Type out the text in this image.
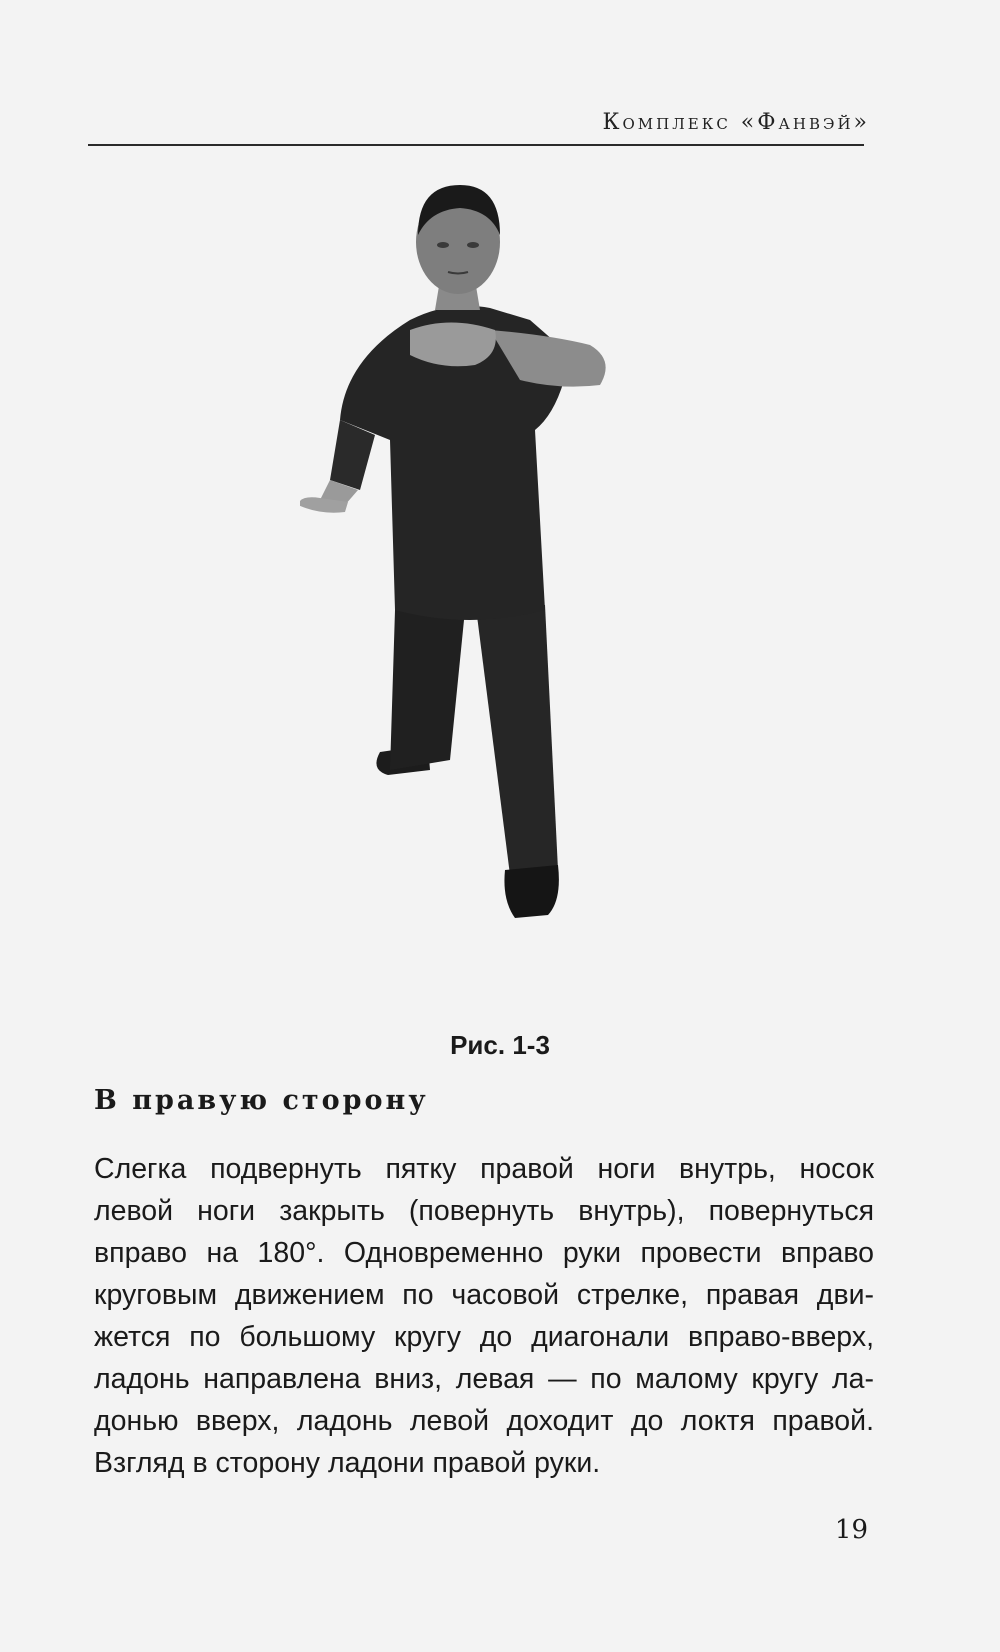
Комплекс «Фанвэй»
Рис. 1-3
В правую сторону
Слегка подвернуть пятку правой ноги внутрь, носок
левой ноги закрыть (повернуть внутрь), повернуться
вправо на 180°. Одновременно руки провести вправо
круговым движением по часовой стрелке, правая дви-
жется по большому кругу до диагонали вправо-вверх,
ладонь направлена вниз, левая — по малому кругу ла-
донью вверх, ладонь левой доходит до локтя правой.
Взгляд в сторону ладони правой руки.
19
